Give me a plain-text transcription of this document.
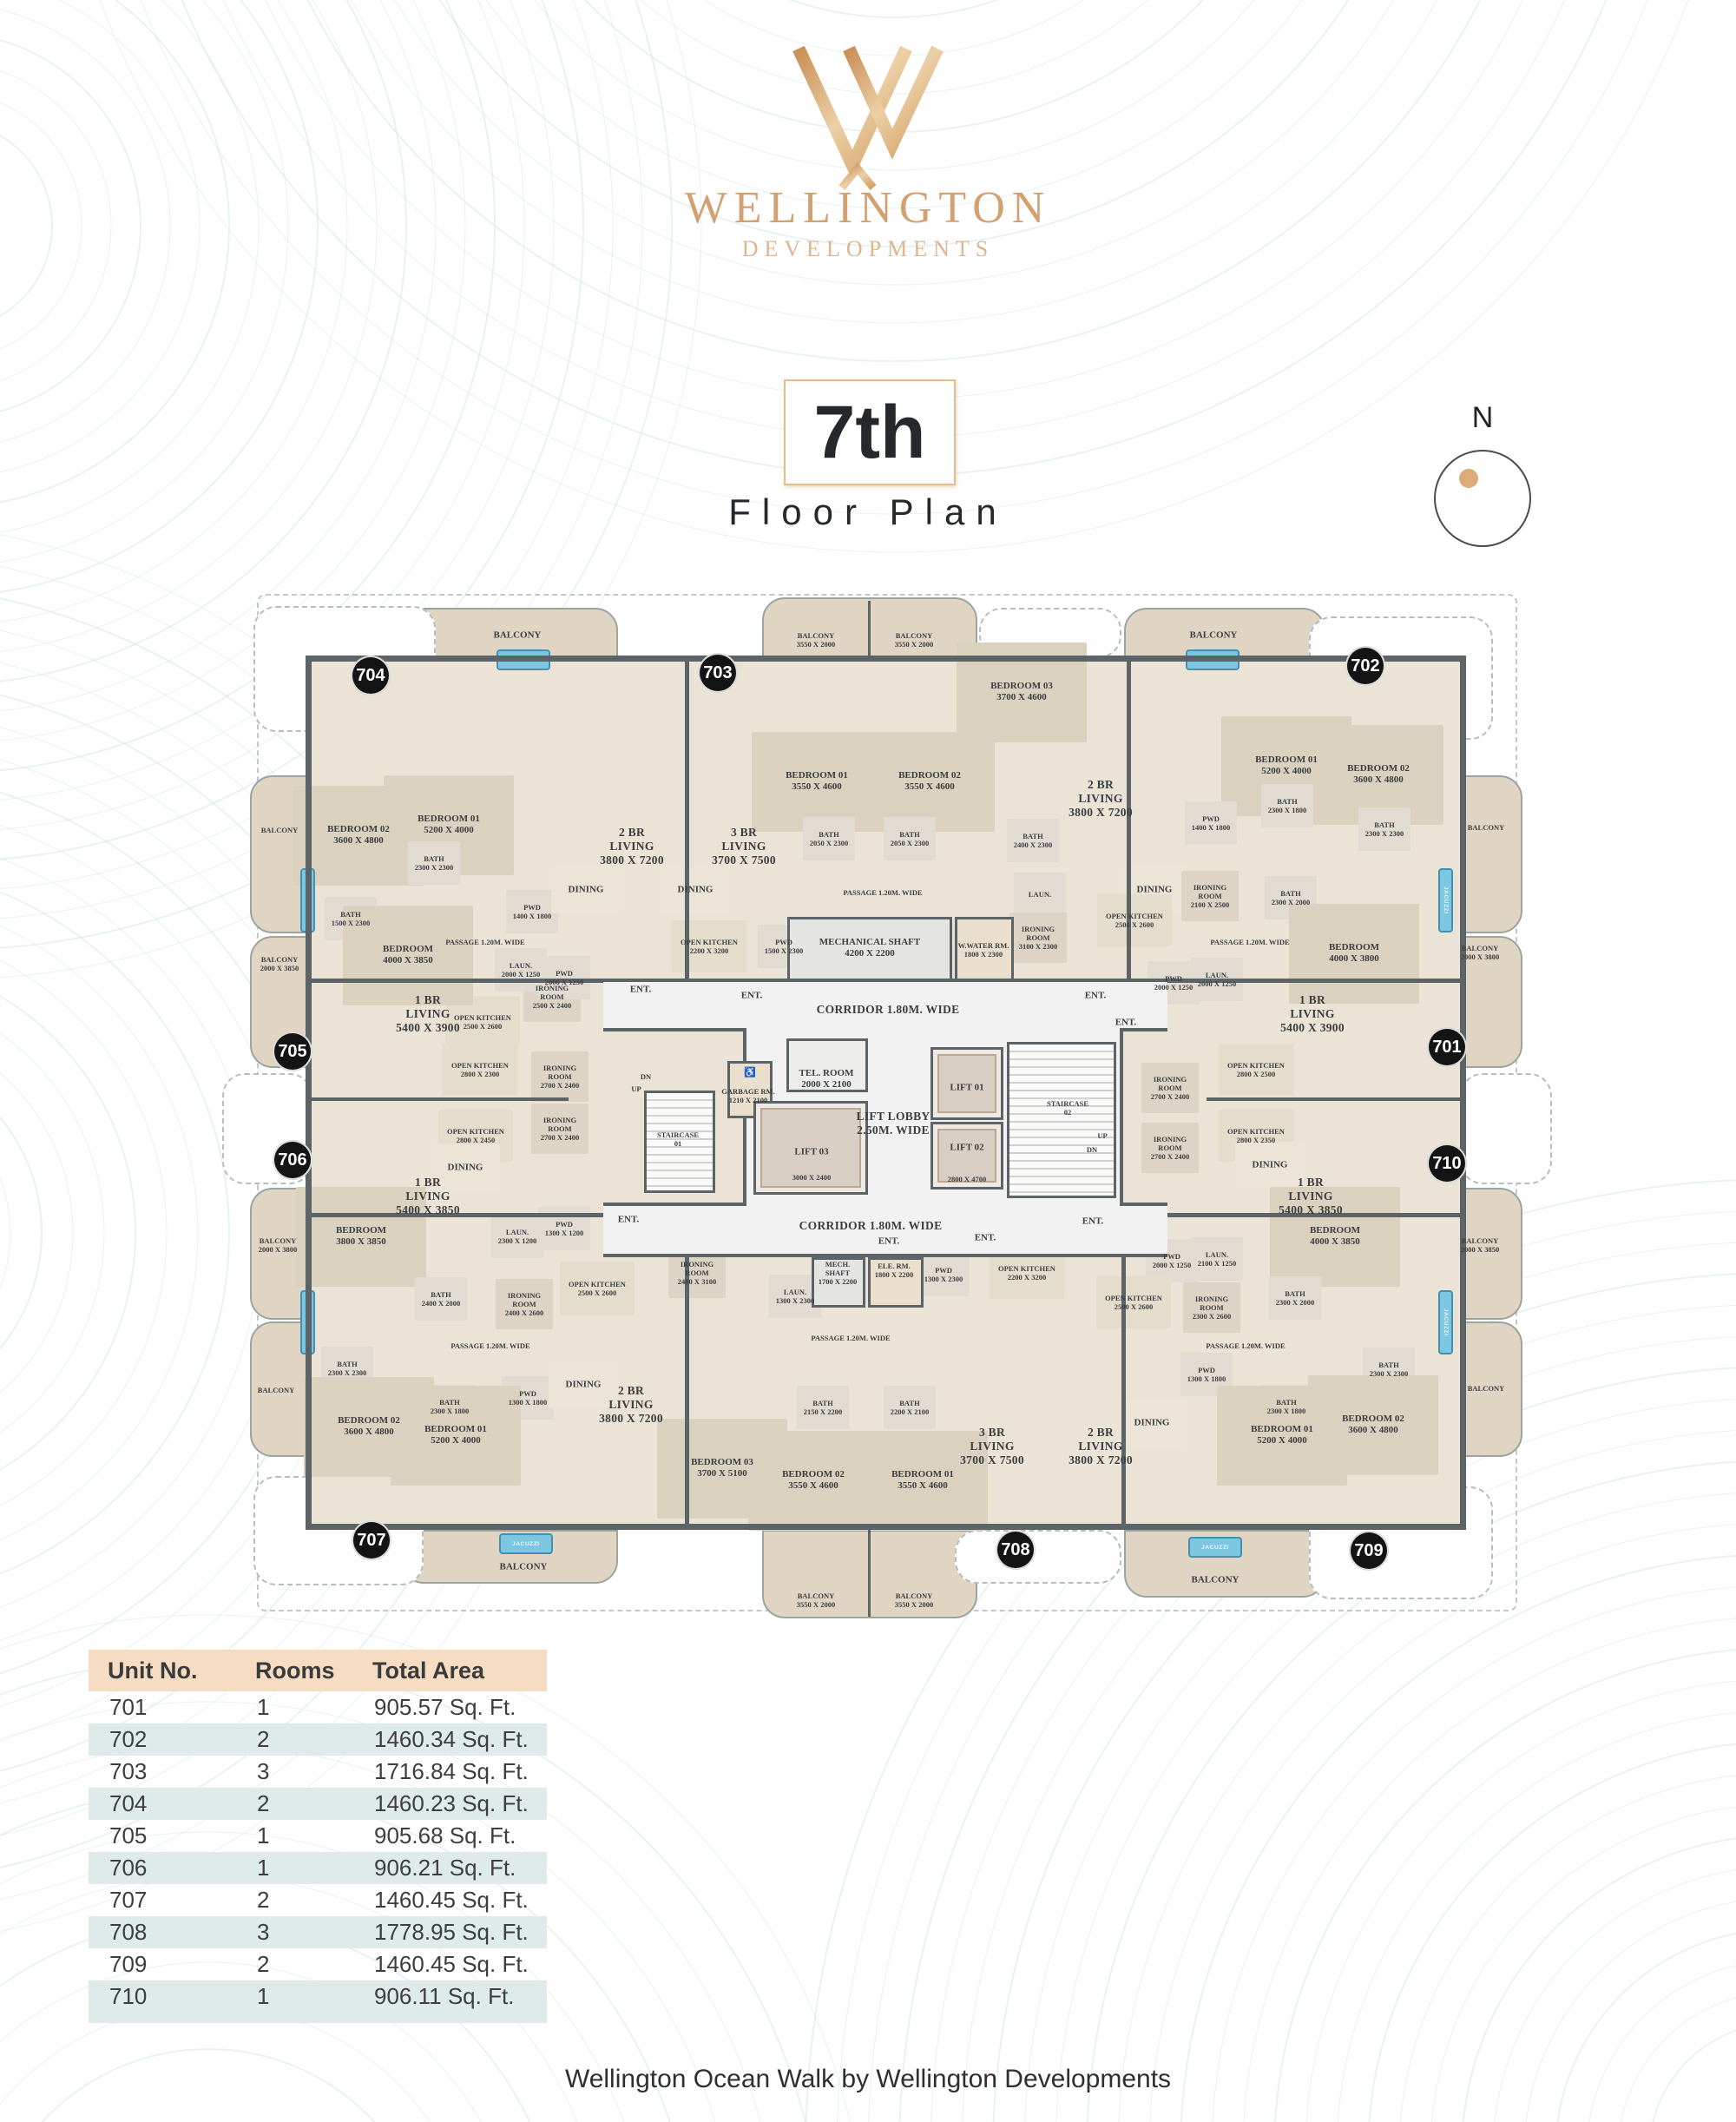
WELLINGTON
DEVELOPMENTS
7th
Floor Plan
N
JACUZZI
JACUZZI
JACUZZI
JACUZZI
BEDROOM 02
3600 X 4800
BEDROOM 01
5200 X 4000
BATH
2300 X 2300
BATH
1500 X 2300
PWD
1400 X 1800
2 BR
LIVING
3800 X 7200
DINING
PASSAGE 1.20M. WIDE
IRONING
ROOM
2500 X 2400
OPEN KITCHEN
2500 X 2600
3 BR
LIVING
3700 X 7500
DINING
BEDROOM 01
3550 X 4600
BEDROOM 02
3550 X 4600
BEDROOM 03
3700 X 4600
BATH
2050 X 2300
BATH
2050 X 2300
BATH
2400 X 2300
PASSAGE 1.20M. WIDE
OPEN KITCHEN
2200 X 3200
PWD
1500 X 2300
LAUN.
IRONING
ROOM
3100 X 2300
2 BR
LIVING
3800 X 7200
DINING
BEDROOM 01
5200 X 4000	BEDROOM 02
3600 X 4800
BATH
2300 X 1800
BATH
2300 X 2300
PWD
1400 X 1800
PASSAGE 1.20M. WIDE
IRONING
ROOM
2100 X 2500
BATH
2300 X 2000
OPEN KITCHEN
2500 X 2600
BEDROOM
4000 X 3800
PWD
2000 X 1250
LAUN.
2000 X 1250
1 BR
LIVING
5400 X 3900
OPEN KITCHEN
2800 X 2500
IRONING
ROOM
2700 X 2400
IRONING
ROOM
2700 X 2400
OPEN KITCHEN
2800 X 2350
DINING
1 BR
LIVING
5400 X 3850
BEDROOM
4000 X 3850
PWD
2000 X 1250
LAUN.
2100 X 1250
BEDROOM
4000 X 3850	LAUN.
2000 X 1250	PWD
2000 X 1250
1 BR
LIVING
5400 X 3900
OPEN KITCHEN
2800 X 2300
IRONING
ROOM
2700 X 2400
IRONING
ROOM
2700 X 2400
OPEN KITCHEN
2800 X 2450
DINING
1 BR
LIVING
5400 X 3850
BEDROOM
3800 X 3850
LAUN.
2300 X 1200
PWD
1300 X 1200
BATH
2400 X 2000
IRONING
ROOM
2400 X 2600
OPEN KITCHEN
2500 X 2600
PASSAGE 1.20M. WIDE
BATH
2300 X 2300
BATH
2300 X 1800
PWD
1300 X 1800
DINING	2 BR
LIVING
3800 X 7200
BEDROOM 02
3600 X 4800	BEDROOM 01
5200 X 4000
IRONING
ROOM
2400 X 3100
LAUN.
1300 X 2300
MECH.
SHAFT
1700 X 2200
ELE. RM.
1800 X 2200
PWD
1300 X 2300
OPEN KITCHEN
2200 X 3200
PASSAGE 1.20M. WIDE
BATH
2150 X 2200
BATH
2200 X 2100
BEDROOM 03
3700 X 5100	BEDROOM 02
3550 X 4600
BEDROOM 01
3550 X 4600
3 BR
LIVING
3700 X 7500
OPEN KITCHEN
2500 X 2600
IRONING
ROOM
2300 X 2600
BATH
2300 X 2000
PASSAGE 1.20M. WIDE
PWD
1300 X 1800
BATH
2300 X 1800
BATH
2300 X 2300
DINING
2 BR
LIVING
3800 X 7200
BEDROOM 01
5200 X 4000
BEDROOM 02
3600 X 4800
MECHANICAL SHAFT
4200 X 2200
W.WATER RM.
1800 X 2300
CORRIDOR 1.80M. WIDE
CORRIDOR 1.80M. WIDE
TEL. ROOM
2000 X 2100
GARBAGE RM.
1210 X 2100
♿
LIFT LOBBY
2.50M. WIDE
LIFT 01
LIFT 02
2800 X 4700
LIFT 03
3000 X 2400
STAIRCASE
01
STAIRCASE
02
UP
DN
UP
DN
ENT.
ENT.	ENT.
ENT.
ENT.
ENT.	ENT.
ENT.
BALCONY	BALCONY
3550 X 2000
BALCONY
3550 X 2000
BALCONY
BALCONY
BALCONY
2000 X 3850
BALCONY
2000 X 3800
BALCONY
BALCONY
BALCONY
2000 X 3800
BALCONY
2000 X 3850
BALCONY
BALCONY
BALCONY
3550 X 2000
BALCONY
3550 X 2000
BALCONY
704	703	702
705	701
706	710
707	708	709
Unit No.	Rooms	Total Area
701	1	905.57 Sq. Ft.
702	2	1460.34 Sq. Ft.
703	3	1716.84 Sq. Ft.
704	2	1460.23 Sq. Ft.
705	1	905.68 Sq. Ft.
706	1	906.21 Sq. Ft.
707	2	1460.45 Sq. Ft.
708	3	1778.95 Sq. Ft.
709	2	1460.45 Sq. Ft.
710	1	906.11 Sq. Ft.
Wellington Ocean Walk by Wellington Developments
